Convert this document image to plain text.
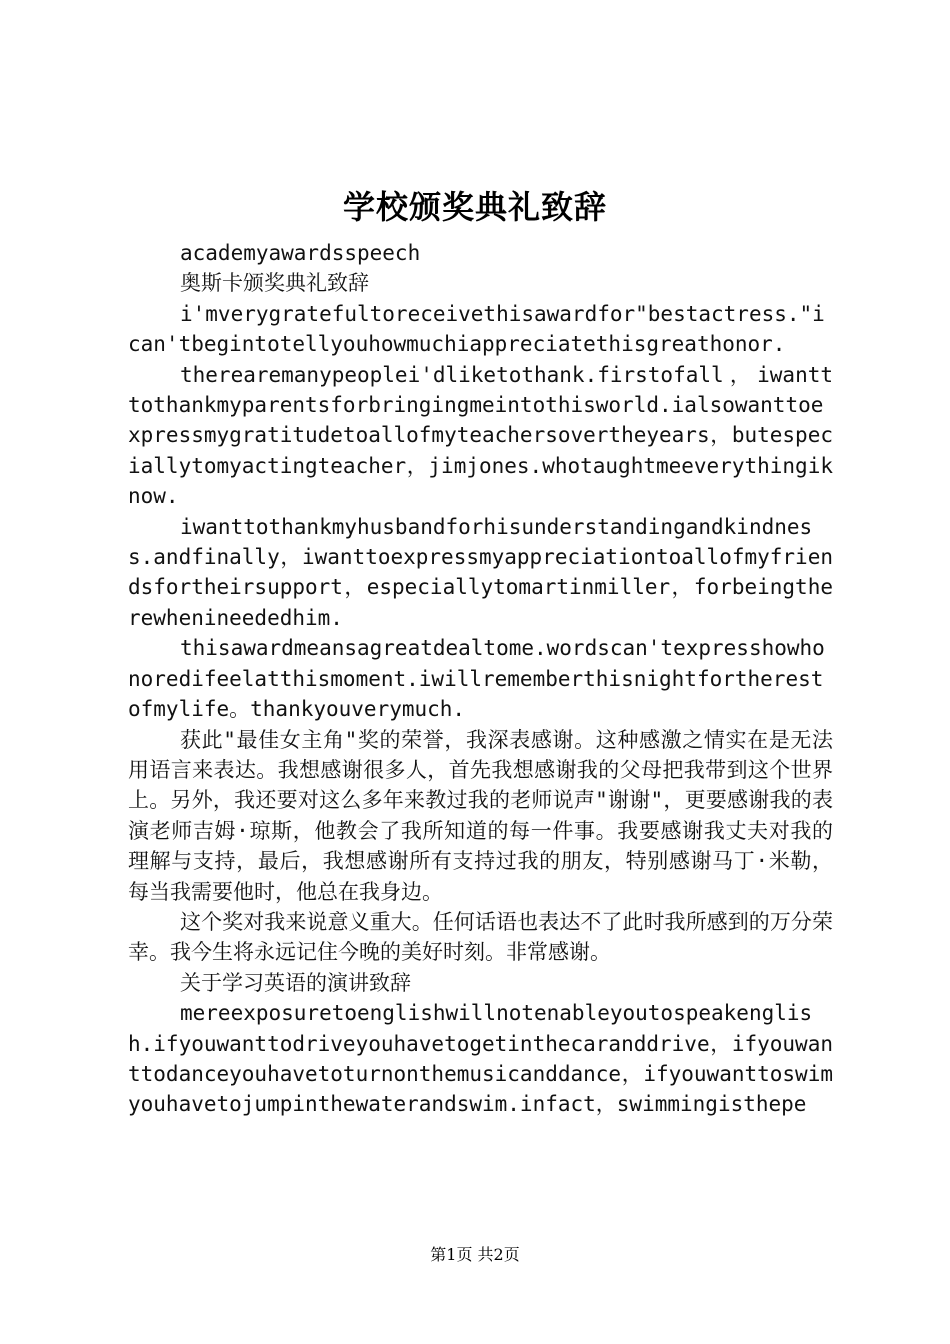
学校颁奖典礼致辞

academyawardsspeech

奥斯卡颁奖典礼致辞

i'mverygratefultoreceivethisawardfor"bestactress."ican'tbegintotellyouhowmuchiappreciatethisgreathonor.

therearemanypeoplei'dliketothank.firstofall，iwantttothankmyparentsforbringingmeintothisworld.ialsowanttoexpressmygratitudetoallofmyteachersovertheyears，butespeciallytomyactingteacher，jimjones.whotaughtmeeverythingiknow.

iwanttothankmyhusbandforhisunderstandingandkindness.andfinally，iwanttoexpressmyappreciationtoallofmyfriendsfortheirsupport，especiallytomartinmiller，forbeingtherewhenineededhim.

thisawardmeansagreatdealtome.wordscan'texpresshowhonoredifeelatthismoment.iwillrememberthisnightfortherestofmylife。thankyouverymuch.

获此"最佳女主角"奖的荣誉，我深表感谢。这种感激之情实在是无法用语言来表达。我想感谢很多人，首先我想感谢我的父母把我带到这个世界上。另外，我还要对这么多年来教过我的老师说声"谢谢"，更要感谢我的表演老师吉姆·琼斯，他教会了我所知道的每一件事。我要感谢我丈夫对我的理解与支持，最后，我想感谢所有支持过我的朋友，特别感谢马丁·米勒，每当我需要他时，他总在我身边。

这个奖对我来说意义重大。任何话语也表达不了此时我所感到的万分荣幸。我今生将永远记住今晚的美好时刻。非常感谢。

关于学习英语的演讲致辞

mereexposuretoenglishwillnotenableyoutospeakenglish.ifyouwanttodriveyouhavetogetinthecaranddrive，ifyouwanttodanceyouhavetoturnonthemusicanddance，ifyouwanttoswimyouhavetojumpinthewaterandswim.infact，swimmingisthepe

第1页 共2页
